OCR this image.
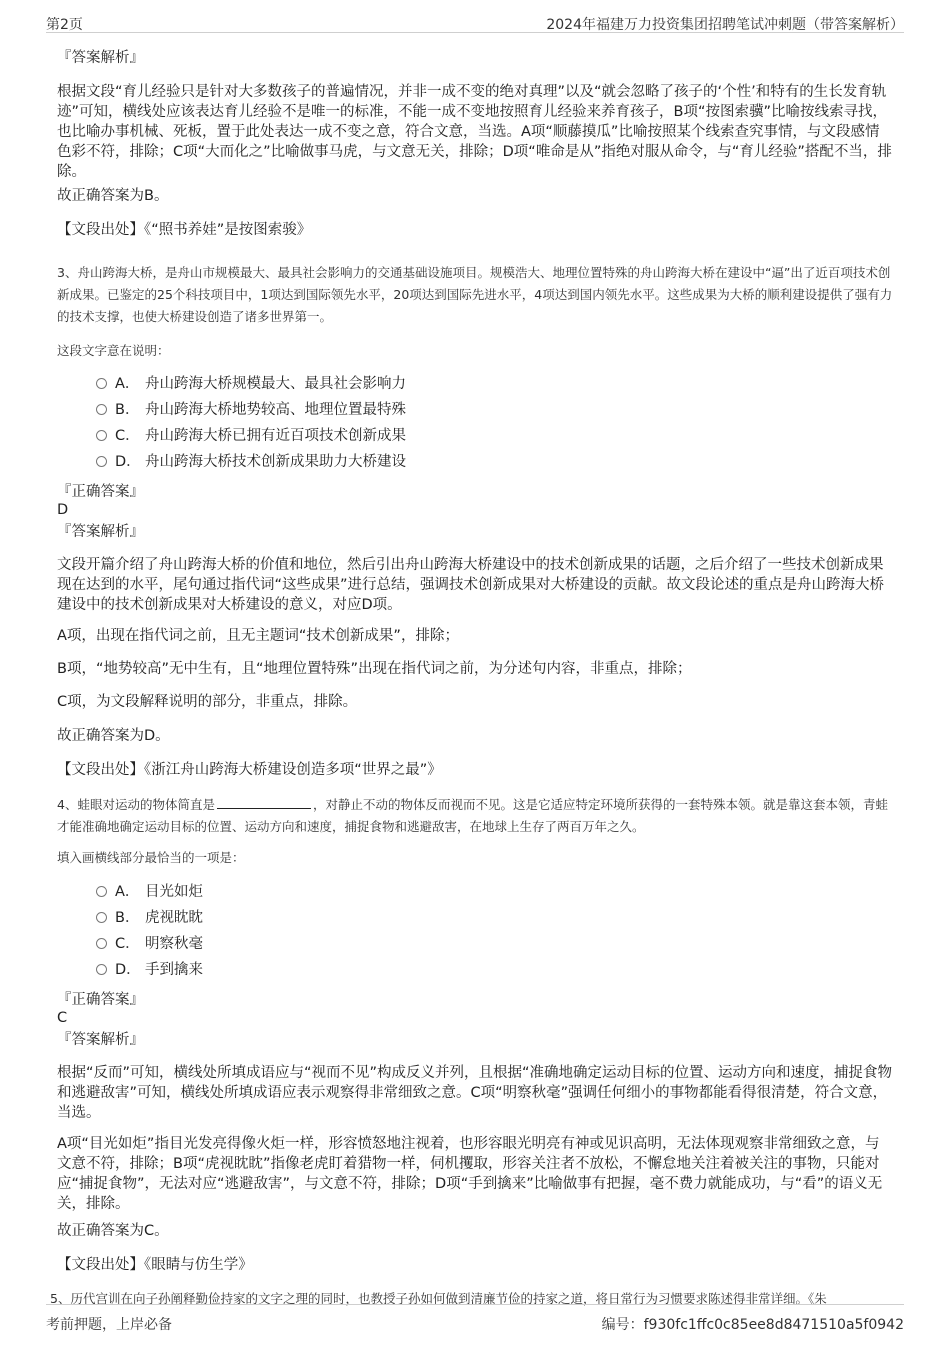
第2页	2024年福建万力投资集团招聘笔试冲刺题（带答案解析）

『答案解析』

根据文段“育儿经验只是针对大多数孩子的普遍情况，并非一成不变的绝对真理”以及“就会忽略了孩子的‘个性’和特有的生长发育轨迹”可知，横线处应该表达育儿经验不是唯一的标准，不能一成不变地按照育儿经验来养育孩子，B项“按图索骥”比喻按线索寻找，也比喻办事机械、死板，置于此处表达一成不变之意，符合文意，当选。A项“顺藤摸瓜”比喻按照某个线索查究事情，与文段感情色彩不符，排除；C项“大而化之”比喻做事马虎，与文意无关，排除；D项“唯命是从”指绝对服从命令，与“育儿经验”搭配不当，排除。

故正确答案为B。

【文段出处】《“照书养娃”是按图索骏》

3、舟山跨海大桥，是舟山市规模最大、最具社会影响力的交通基础设施项目。规模浩大、地理位置特殊的舟山跨海大桥在建设中“逼”出了近百项技术创新成果。已鉴定的25个科技项目中，1项达到国际领先水平，20项达到国际先进水平，4项达到国内领先水平。这些成果为大桥的顺利建设提供了强有力的技术支撑，也使大桥建设创造了诸多世界第一。

这段文字意在说明：

A． 舟山跨海大桥规模最大、最具社会影响力
B． 舟山跨海大桥地势较高、地理位置最特殊
C． 舟山跨海大桥已拥有近百项技术创新成果
D． 舟山跨海大桥技术创新成果助力大桥建设

『正确答案』

D

『答案解析』

文段开篇介绍了舟山跨海大桥的价值和地位，然后引出舟山跨海大桥建设中的技术创新成果的话题，之后介绍了一些技术创新成果现在达到的水平，尾句通过指代词“这些成果”进行总结，强调技术创新成果对大桥建设的贡献。故文段论述的重点是舟山跨海大桥建设中的技术创新成果对大桥建设的意义，对应D项。

A项，出现在指代词之前，且无主题词“技术创新成果”，排除；

B项，“地势较高”无中生有，且“地理位置特殊”出现在指代词之前，为分述句内容，非重点，排除；

C项，为文段解释说明的部分，非重点，排除。

故正确答案为D。

【文段出处】《浙江舟山跨海大桥建设创造多项“世界之最”》

4、蛙眼对运动的物体简直是	，对静止不动的物体反而视而不见。这是它适应特定环境所获得的一套特殊本领。就是靠这套本领，青蛙才能准确地确定运动目标的位置、运动方向和速度，捕捉食物和逃避敌害，在地球上生存了两百万年之久。

填入画横线部分最恰当的一项是：

A． 目光如炬
B． 虎视眈眈
C． 明察秋毫
D． 手到擒来

『正确答案』

C

『答案解析』

根据“反而”可知，横线处所填成语应与“视而不见”构成反义并列，且根据“准确地确定运动目标的位置、运动方向和速度，捕捉食物和逃避敌害”可知，横线处所填成语应表示观察得非常细致之意。C项“明察秋毫”强调任何细小的事物都能看得很清楚，符合文意，当选。

A项“目光如炬”指目光发亮得像火炬一样，形容愤怒地注视着，也形容眼光明亮有神或见识高明，无法体现观察非常细致之意，与文意不符，排除；B项“虎视眈眈”指像老虎盯着猎物一样，伺机攫取，形容关注者不放松，不懈怠地关注着被关注的事物，只能对应“捕捉食物”，无法对应“逃避敌害”，与文意不符，排除；D项“手到擒来”比喻做事有把握，毫不费力就能成功，与“看”的语义无关，排除。

故正确答案为C。

【文段出处】《眼睛与仿生学》

5、历代宫训在向子孙阐释勤俭持家的文字之理的同时，也教授子孙如何做到清廉节俭的持家之道，将日常行为习惯要求陈述得非常详细。《朱

考前押题，上岸必备	编号：f930fc1ffc0c85ee8d8471510a5f0942
